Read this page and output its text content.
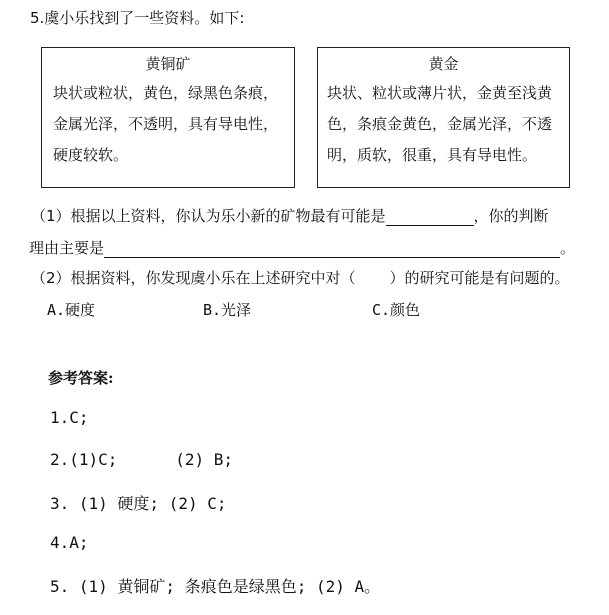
5.虞小乐找到了一些资料。如下:
黄铜矿
块状或粒状，黄色，绿黑色条痕，
金属光泽，不透明，具有导电性，
硬度较软。
黄金
块状、粒状或薄片状，金黄至浅黄
色，条痕金黄色，金属光泽，不透
明，质软，很重，具有导电性。
（1）根据以上资料，你认为乐小新的矿物最有可能是	，你的判断
理由主要是	。
（2）根据资料，你发现虞小乐在上述研究中对（ ）的研究可能是有问题的。
A.硬度	B.光泽	C.颜色
参考答案:
1.C;
2.(1)C;      (2) B;
3. (1) 硬度; (2) C;
4.A;
5. (1) 黄铜矿; 条痕色是绿黑色; (2) A。
